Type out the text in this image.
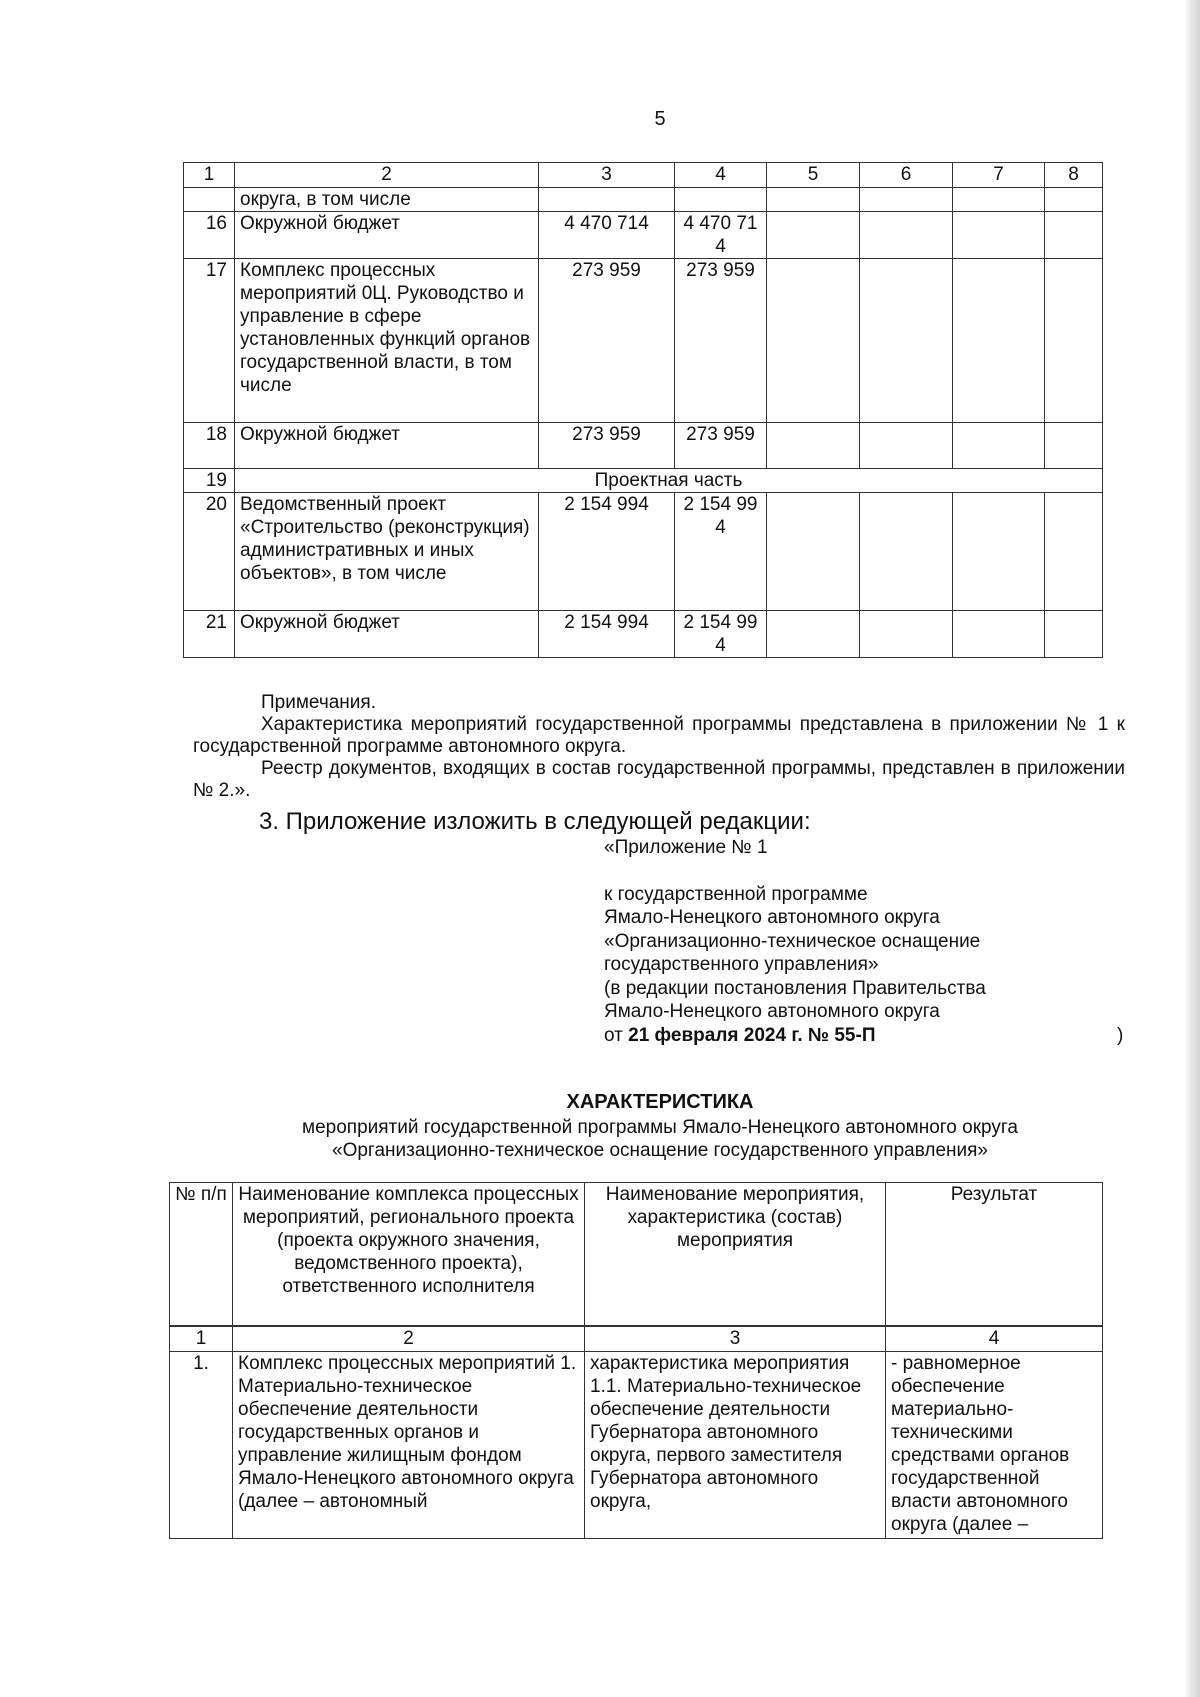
5
1	2	3	4	5	6	7	8
	округа, в том числе						
16	Окружной бюджет	4 470 714	4 470 714				
17	Комплекс процессных мероприятий 0Ц. Руководство и управление в сфере установленных функций органов государственной власти, в том числе	273 959	273 959				
18	Окружной бюджет	273 959	273 959				
19	Проектная часть						
20	Ведомственный проект «Строительство (реконструкция) административных и иных объектов», в том числе	2 154 994	2 154 994				
21	Окружной бюджет	2 154 994	2 154 994				

Примечания.

Характеристика мероприятий государственной программы представлена в приложении № 1 к государственной программе автономного округа.

Реестр документов, входящих в состав государственной программы, представлен в приложении № 2.».

3. Приложение изложить в следующей редакции:
«Приложение № 1
к государственной программе
Ямало-Ненецкого автономного округа
«Организационно-техническое оснащение
государственного управления»
(в редакции постановления Правительства
Ямало-Ненецкого автономного округа
от 21 февраля 2024 г. № 55-П	)
ХАРАКТЕРИСТИКА
мероприятий государственной программы Ямало-Ненецкого автономного округа
«Организационно-техническое оснащение государственного управления»
№ п/п	Наименование комплекса процессных мероприятий, регионального проекта (проекта окружного значения, ведомственного проекта), ответственного исполнителя	Наименование мероприятия, характеристика (состав) мероприятия	Результат

1	2	3	4
1.	Комплекс процессных мероприятий 1. Материально-техническое обеспечение деятельности государственных органов и управление жилищным фондом Ямало-Ненецкого автономного округа (далее – автономный	характеристика мероприятия 1.1. Материально-техническое обеспечение деятельности Губернатора автономного округа, первого заместителя Губернатора автономного округа,	- равномерное обеспечение материально-техническими средствами органов государственной власти автономного округа (далее –
